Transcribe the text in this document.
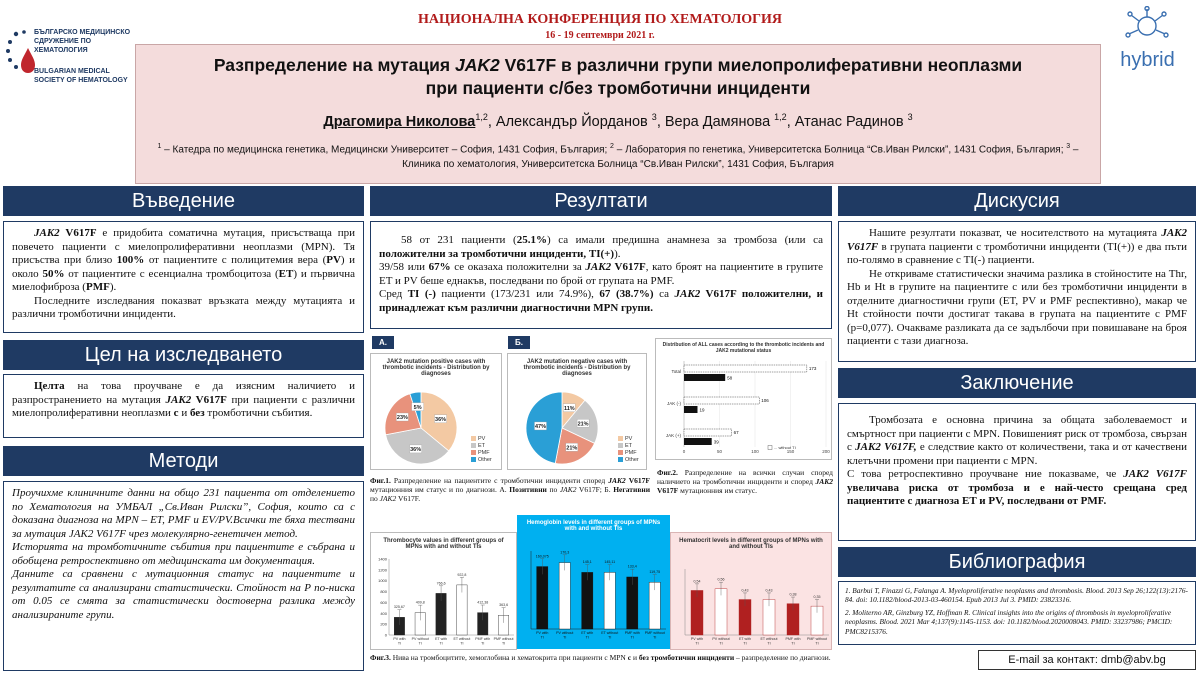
БЪЛГАРСКО МЕДИЦИНСКО
СДРУЖЕНИЕ ПО ХЕМАТОЛОГИЯ
BULGARIAN MEDICAL
SOCIETY OF HEMATOLOGY
НАЦИОНАЛНА КОНФЕРЕНЦИЯ ПО ХЕМАТОЛОГИЯ
16 - 19 септември 2021 г.
hybrid
Разпределение на мутация JAK2 V617F в различни групи миелопролиферативни неоплазми
при пациенти с/без тромботични инциденти
Драгомира Николова$^{1,2}$, Александър Йорданов $^3$, Вера Дамянова $^{1,2}$, Атанас Радинов $^3$
$^1$ – Катедра по медицинска генетика, Медицински Университет – София, 1431 София, България; $^2$ – Лаборатория по генетика, Университетска Болница “Св.Иван Рилски”, 1431 София, България; $^3$ – Клиника по хематология, Университетска Болница “Св.Иван Рилски”, 1431 София, България
Въведение

JAK2 V617F е придобита соматична мутация, присъстваща при повечето пациенти с миелопролиферативни неоплазми (MPN). Тя присъства при близо 100% от пациентите с полицитемия вера (PV) и около 50% от пациентите с есенциална тромбоцитоза (ET) и първична миелофиброза (PMF).

Последните изследвания показват връзката между мутацията и различни тромботични инциденти.

Цел на изследването

Целта на това проучване е да изясним наличието и разпространението на мутация JAK2 V617F при пациенти с различни миелопролиферативни неоплазми с и без тромботични събития.

Методи

Проучихме клиничните данни на общо 231 пациента от отделението по Хематология на УМБАЛ „Св.Иван Рилски”, София, които са с доказана диагноза на MPN – ET, PMF и EV/PV.Всички те бяха тествани за мутация JAK2 V617F чрез молекулярно-генетичен метод.

Историята на тромботичните събития при пациентите е събрана и обобщена ретроспективно от медицинската им документация.

Данните са сравнени с мутационния статус на пациентите и резултатите са анализирани статистически. Стойност на P по-ниска от 0.05 се смята за статистически достоверна разлика между анализираните групи.

Резултати

58 от 231 пациенти (25.1%) са имали предишна анамнеза за тромбоза (или са положителни за тромботични инциденти, TI(+)).

39/58 или 67% се оказаха положителни за JAK2 V617F, като броят на пациентите в групите ET и PV беше еднакъв, последвани по брой от групата на PMF.

Сред TI (-) пациенти (173/231 или 74.9%), 67 (38.7%) са JAK2 V617F положителни, и принадлежат към различни диагностични MPN групи.

А.
JAK2 mutation positive cases with thrombotic incidents - Distribution by diagnoses
36%
36%
23%
5%
PV
ET
PMF
Other
Б.
JAK2 mutation negative cases with thrombotic incidents - Distribution by diagnoses
11%
21%
21%
47%
PV
ET
PMF
Other
Фиг.1. Разпределение на пациентите с тромботични инциденти според JAK2 V617F мутационния им статус и по диагнози. А. Позитивни по JAK2 V617F; Б. Негативни по JAK2 V617F.
Distribution of ALL cases according to the thrombotic incidents and JAK2 mutational status
0	50	100	150	200
Total
58
173
JAK (-)
19
106
JAK (+)
39
67
... without TI
Фиг.2. Разпределение на всички случаи според наличието на тромботични инциденти и според JAK2 V617F мутационния им статус.
Thrombocyte values in different groups of MPNs with and without TIs
0
200
400
600
800
1000
1200
1400
325,67
PV with
TI
409,8
PV without
TI
766,6
ET with
TI
922,8
ET without
TI
412,38
PMF with
TI
363,6
PMF without
TI
Hemoglobin levels in different groups of MPNs with and without TIs
160,075
PV with
TI
170,3
PV without
TI
145,1
ET with
TI
145,11
ET without
TI
133,4
PMF with
TI
119,75
PMF without
TI
Hematocrit levels in different groups of MPNs with and without TIs
0,54
PV with
TI
0,56
PV without
TI
0,43
ET with
TI
0,43
ET without
TI
0,38
PMF with
TI
0,35
PMF without
TI
Фиг.3. Нива на тромбоцитите, хемоглобина и хематокрита при пациенти с MPN с и без тромботични инциденти – разпределение по диагнози.
Дискусия

Нашите резултати показват, че носителството на мутацията JAK2 V617F в групата пациенти с тромботични инциденти (TI(+)) е два пъти по-голямо в сравнение с TI(-) пациенти.

Не откриваме статистически значима разлика в стойностите на Thr, Hb и Ht в групите на пациентите с или без тромботични инциденти в отделните диагностични групи (ET, PV и PMF респективно), макар че Ht стойности почти достигат такава в групата на пациентите с PMF (p=0,077). Очакваме разликата да се задълбочи при повишаване на броя пациенти с тази диагноза.

Заключение

Тромбозата е основна причина за общата заболеваемост и смъртност при пациенти с MPN. Повишеният риск от тромбоза, свързан с JAK2 V617F, е следствие както от количествени, така и от качествени клетъчни промени при пациенти с MPN.

С това ретроспективно проучване ние показваме, че JAK2 V617F увеличава риска от тромбоза и е най-често срещана сред пациентите с диагноза ET и PV, последвани от PMF.

Библиография
1. Barbui T, Finazzi G, Falanga A. Myeloproliferative neoplasms and thrombosis. Blood. 2013 Sep 26;122(13):2176-84. doi: 10.1182/blood-2013-03-460154. Epub 2013 Jul 3. PMID: 23823316.
2. Moliterno AR, Ginzburg YZ, Hoffman R. Clinical insights into the origins of thrombosis in myeloproliferative neoplasms. Blood. 2021 Mar 4;137(9):1145-1153. doi: 10.1182/blood.2020008043. PMID: 33237986; PMCID: PMC8215376.
E-mail за контакт: dmb@abv.bg
